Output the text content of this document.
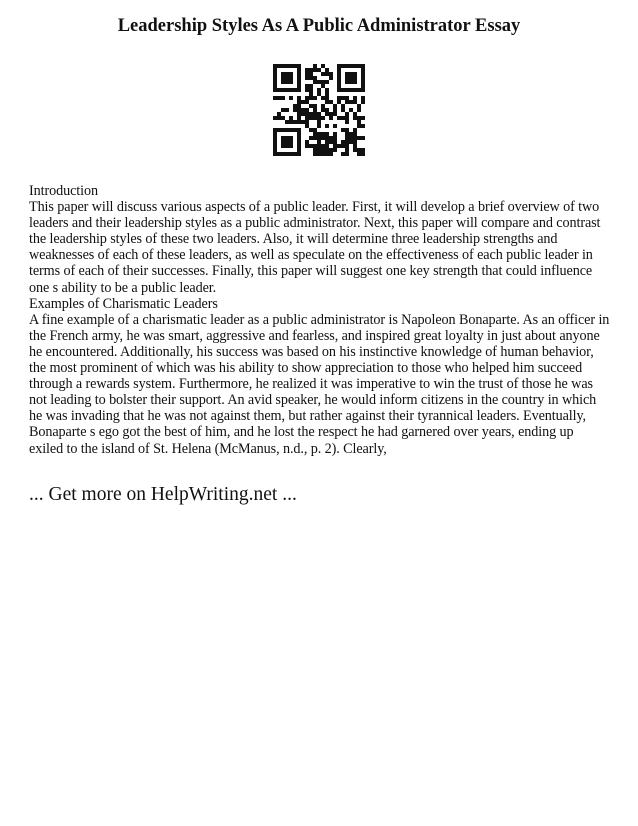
Leadership Styles As A Public Administrator Essay

Introduction

This paper will discuss various aspects of a public leader. First, it will develop a brief overview of two leaders and their leadership styles as a public administrator. Next, this paper will compare and contrast the leadership styles of these two leaders. Also, it will determine three leadership strengths and weaknesses of each of these leaders, as well as speculate on the effectiveness of each public leader in terms of each of their successes. Finally, this paper will suggest one key strength that could influence one s ability to be a public leader.

Examples of Charismatic Leaders

A fine example of a charismatic leader as a public administrator is Napoleon Bonaparte. As an officer in the French army, he was smart, aggressive and fearless, and inspired great loyalty in just about anyone he encountered. Additionally, his success was based on his instinctive knowledge of human behavior, the most prominent of which was his ability to show appreciation to those who helped him succeed through a rewards system. Furthermore, he realized it was imperative to win the trust of those he was not leading to bolster their support. An avid speaker, he would inform citizens in the country in which he was invading that he was not against them, but rather against their tyrannical leaders. Eventually, Bonaparte s ego got the best of him, and he lost the respect he had garnered over years, ending up exiled to the island of St. Helena (McManus, n.d., p. 2). Clearly,

... Get more on HelpWriting.net ...
